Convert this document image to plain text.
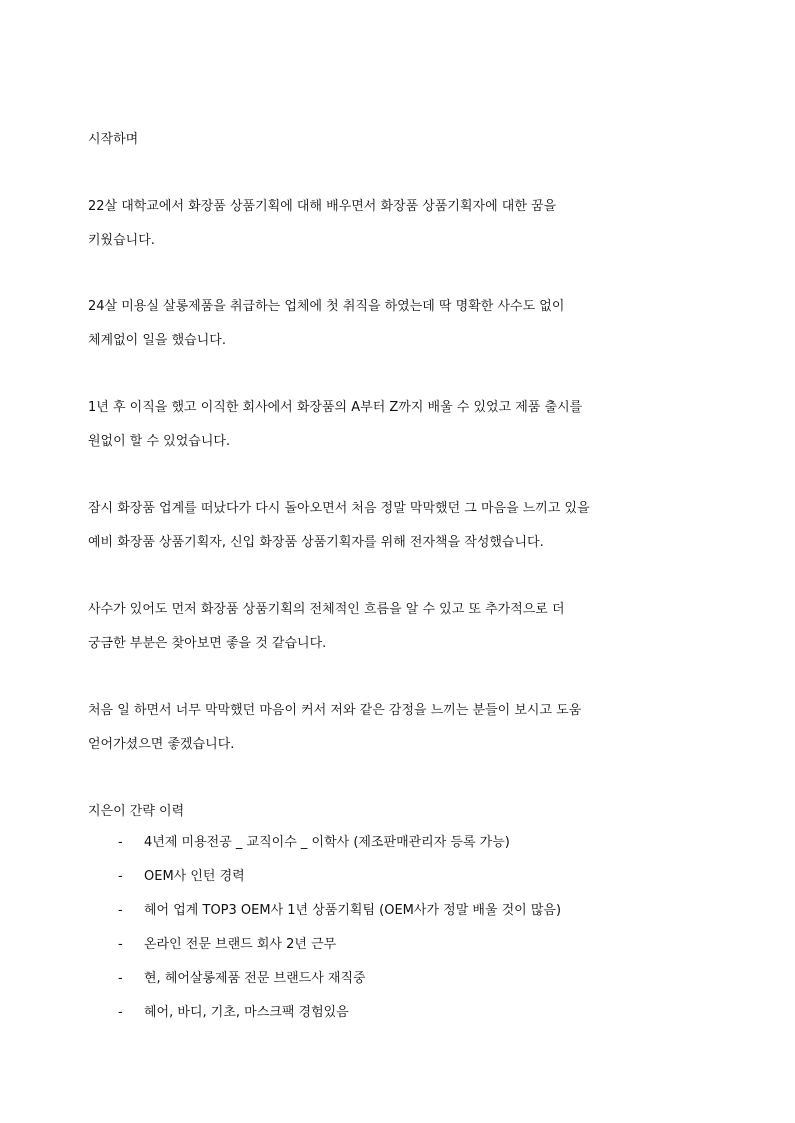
시작하며
22살 대학교에서 화장품 상품기획에 대해 배우면서 화장품 상품기획자에 대한 꿈을
키웠습니다.
24살 미용실 살롱제품을 취급하는 업체에 첫 취직을 하였는데 딱 명확한 사수도 없이
체계없이 일을 했습니다.
1년 후 이직을 했고 이직한 회사에서 화장품의 A부터 Z까지 배울 수 있었고 제품 출시를
원없이 할 수 있었습니다.
잠시 화장품 업계를 떠났다가 다시 돌아오면서 처음 정말 막막했던 그 마음을 느끼고 있을
예비 화장품 상품기획자, 신입 화장품 상품기획자를 위해 전자책을 작성했습니다.
사수가 있어도 먼저 화장품 상품기획의 전체적인 흐름을 알 수 있고 또 추가적으로 더
궁금한 부분은 찾아보면 좋을 것 같습니다.
처음 일 하면서 너무 막막했던 마음이 커서 저와 같은 감정을 느끼는 분들이 보시고 도움
얻어가셨으면 좋겠습니다.
지은이 간략 이력
- 4년제 미용전공 _ 교직이수 _ 이학사 (제조판매관리자 등록 가능)
- OEM사 인턴 경력
- 헤어 업계 TOP3 OEM사 1년 상품기획팀 (OEM사가 정말 배울 것이 많음)
- 온라인 전문 브랜드 회사 2년 근무
- 현, 헤어살롱제품 전문 브랜드사 재직중
- 헤어, 바디, 기초, 마스크팩 경험있음
